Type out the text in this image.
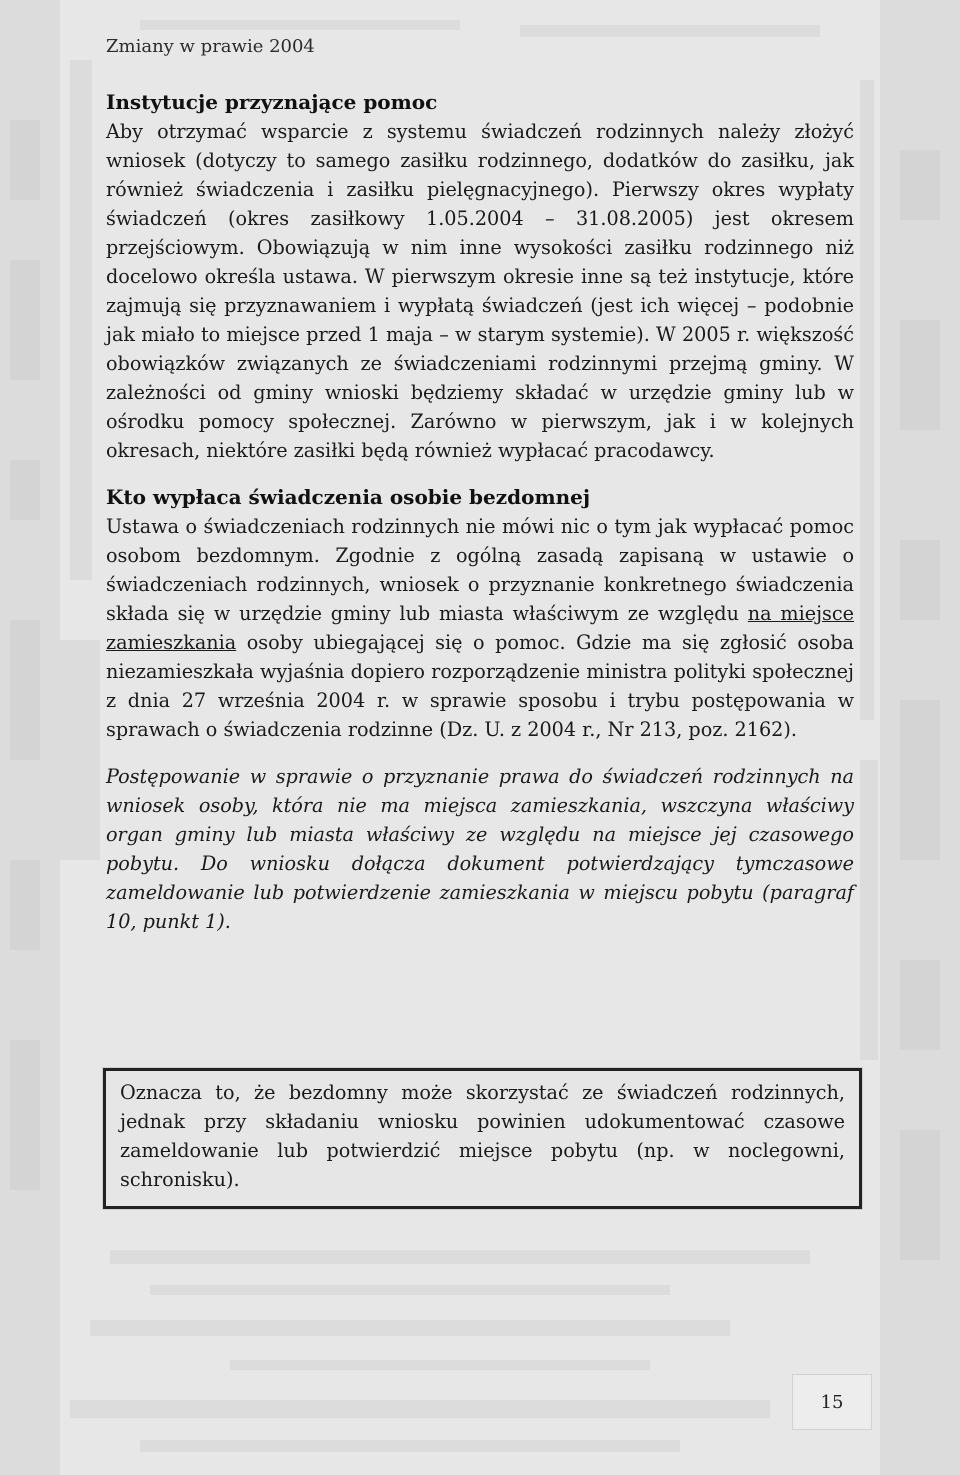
Zmiany w prawie 2004
Instytucje przyznające pomoc

Aby otrzymać wsparcie z systemu świadczeń rodzinnych należy złożyć wniosek (dotyczy to samego zasiłku rodzinnego, dodatków do zasiłku, jak również świadczenia i zasiłku pielęgnacyjnego). Pierwszy okres wypłaty świadczeń (okres zasiłkowy 1.05.2004 – 31.08.2005) jest okresem przejściowym. Obowiązują w nim inne wysokości zasiłku rodzinnego niż docelowo określa ustawa. W pierwszym okresie inne są też instytucje, które zajmują się przyznawaniem i wypłatą świadczeń (jest ich więcej – podobnie jak miało to miejsce przed 1 maja – w starym systemie). W 2005 r. większość obowiązków związanych ze świadczeniami rodzinnymi przejmą gminy. W zależności od gminy wnioski będziemy składać w urzędzie gminy lub w ośrodku pomocy społecznej. Zarówno w pierwszym, jak i w kolejnych okresach, niektóre zasiłki będą również wypłacać pracodawcy.

Kto wypłaca świadczenia osobie bezdomnej

Ustawa o świadczeniach rodzinnych nie mówi nic o tym jak wypłacać pomoc osobom bezdomnym. Zgodnie z ogólną zasadą zapisaną w ustawie o świadczeniach rodzinnych, wniosek o przyznanie konkretnego świadczenia składa się w urzędzie gminy lub miasta właściwym ze względu na miejsce zamieszkania osoby ubiegającej się o pomoc. Gdzie ma się zgłosić osoba niezamieszkała wyjaśnia dopiero rozporządzenie ministra polityki społecznej z dnia 27 września 2004 r. w sprawie sposobu i trybu postępowania w sprawach o świadczenia rodzinne (Dz. U. z 2004 r., Nr 213, poz. 2162).

Postępowanie w sprawie o przyznanie prawa do świadczeń rodzinnych na wniosek osoby, która nie ma miejsca zamieszkania, wszczyna właściwy organ gminy lub miasta właściwy ze względu na miejsce jej czasowego pobytu. Do wniosku dołącza dokument potwierdzający tymczasowe zameldowanie lub potwierdzenie zamieszkania w miejscu pobytu (paragraf 10, punkt 1).

Oznacza to, że bezdomny może skorzystać ze świadczeń rodzinnych, jednak przy składaniu wniosku powinien udokumentować czasowe zameldowanie lub potwierdzić miejsce pobytu (np. w noclegowni, schronisku).

15
